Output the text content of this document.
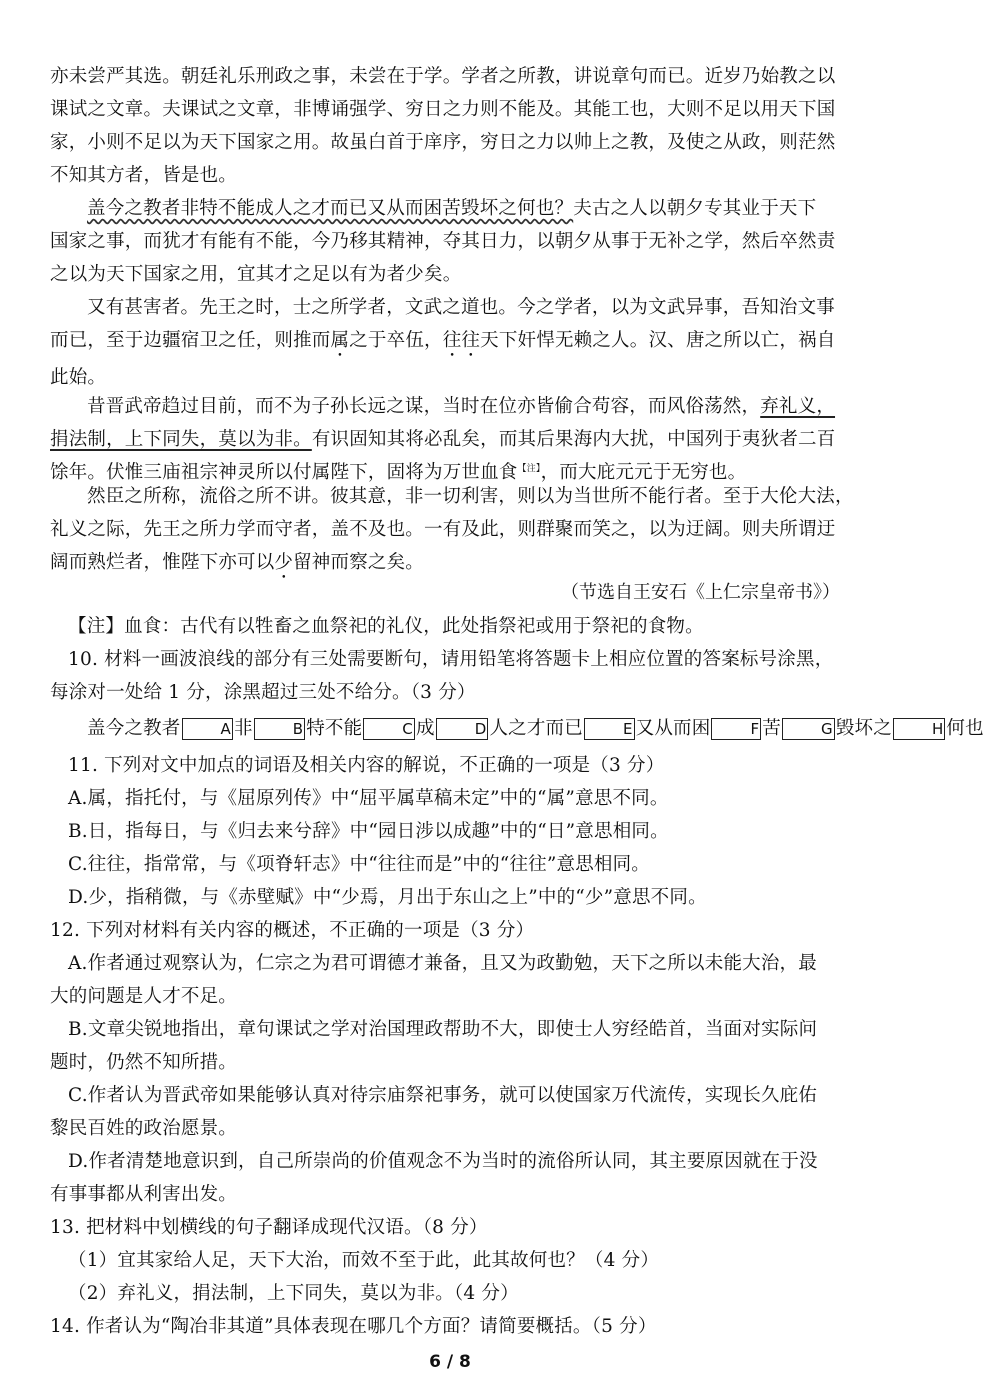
亦未尝严其选。朝廷礼乐刑政之事，未尝在于学。学者之所教，讲说章句而已。近岁乃始教之以
课试之文章。夫课试之文章，非博诵强学、穷日之力则不能及。其能工也，大则不足以用天下国
家，小则不足以为天下国家之用。故虽白首于庠序，穷日之力以帅上之教，及使之从政，则茫然
不知其方者，皆是也。
盖今之教者非特不能成人之才而已又从而困苦毁坏之何也？夫古之人以朝夕专其业于天下
国家之事，而犹才有能有不能，今乃移其精神，夺其日力，以朝夕从事于无补之学，然后卒然责
之以为天下国家之用，宜其才之足以有为者少矣。
又有甚害者。先王之时，士之所学者，文武之道也。今之学者，以为文武异事，吾知治文事
而已，至于边疆宿卫之任，则推而属之于卒伍，往往天下奸悍无赖之人。汉、唐之所以亡，祸自
此始。
昔晋武帝趋过目前，而不为子孙长远之谋，当时在位亦皆偷合苟容，而风俗荡然，弃礼义，
捐法制，上下同失，莫以为非。有识固知其将必乱矣，而其后果海内大扰，中国列于夷狄者二百
馀年。伏惟三庙祖宗神灵所以付属陛下，固将为万世血食$^{【注】}$，而大庇元元于无穷也。
然臣之所称，流俗之所不讲。彼其意，非一切利害，则以为当世所不能行者。至于大伦大法，
礼义之际，先王之所力学而守者，盖不及也。一有及此，则群聚而笑之，以为迂阔。则夫所谓迂
阔而熟烂者，惟陛下亦可以少留神而察之矣。
（节选自王安石《上仁宗皇帝书》）
【注】血食：古代有以牲畜之血祭祀的礼仪，此处指祭祀或用于祭祀的食物。
10. 材料一画波浪线的部分有三处需要断句，请用铅笔将答题卡上相应位置的答案标号涂黑，
每涂对一处给 1 分，涂黑超过三处不给分。（3 分）
盖今之教者	A 非	B 特不能	C 成	D 人之才而已	E 又从而困	F 苦	G 毁坏之	H 何也
11. 下列对文中加点的词语及相关内容的解说，不正确的一项是（3 分）
A.属，指托付，与《屈原列传》中“屈平属草稿未定”中的“属”意思不同。
B.日，指每日，与《归去来兮辞》中“园日涉以成趣”中的“日”意思相同。
C.往往，指常常，与《项脊轩志》中“往往而是”中的“往往”意思相同。
D.少，指稍微，与《赤壁赋》中“少焉，月出于东山之上”中的“少”意思不同。
12. 下列对材料有关内容的概述，不正确的一项是（3 分）
A.作者通过观察认为，仁宗之为君可谓德才兼备，且又为政勤勉，天下之所以未能大治，最
大的问题是人才不足。
B.文章尖锐地指出，章句课试之学对治国理政帮助不大，即使士人穷经皓首，当面对实际问
题时，仍然不知所措。
C.作者认为晋武帝如果能够认真对待宗庙祭祀事务，就可以使国家万代流传，实现长久庇佑
黎民百姓的政治愿景。
D.作者清楚地意识到，自己所崇尚的价值观念不为当时的流俗所认同，其主要原因就在于没
有事事都从利害出发。
13. 把材料中划横线的句子翻译成现代汉语。（8 分）
（1）宜其家给人足，天下大治，而效不至于此，此其故何也？（4 分）
（2）弃礼义，捐法制，上下同失，莫以为非。（4 分）
14. 作者认为“陶冶非其道”具体表现在哪几个方面？请简要概括。（5 分）
6 / 8
